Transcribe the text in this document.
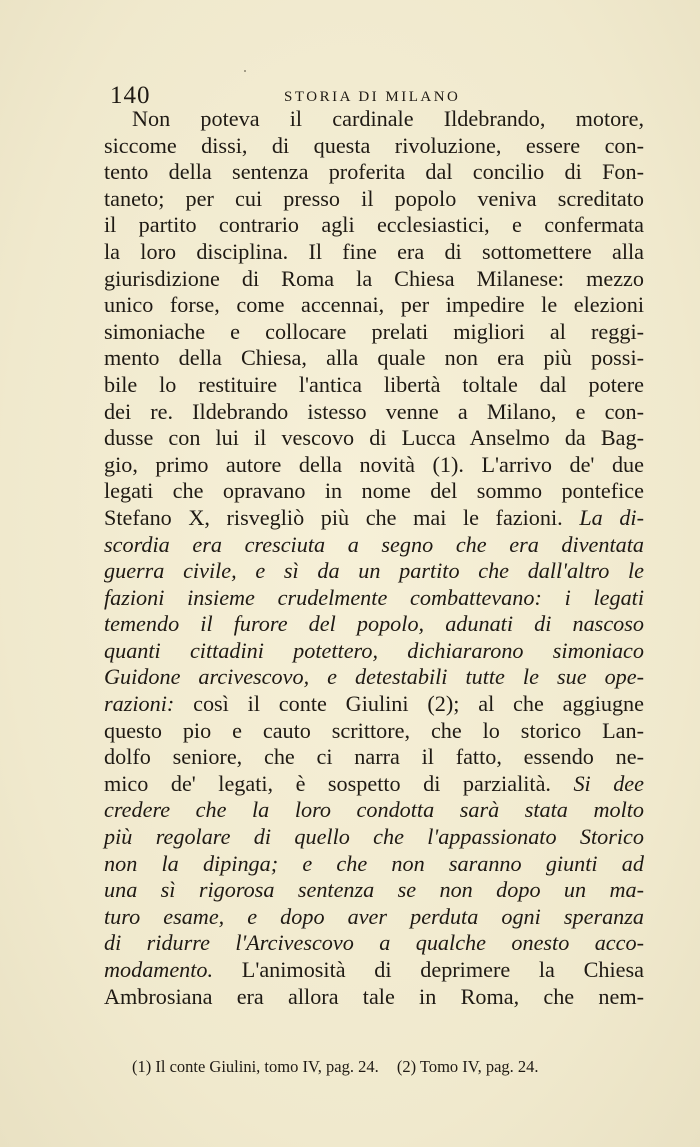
140	STORIA DI MILANO
Non poteva il cardinale Ildebrando, motore,
siccome dissi, di questa rivoluzione, essere con-
tento della sentenza proferita dal concilio di Fon-
taneto; per cui presso il popolo veniva screditato
il partito contrario agli ecclesiastici, e confermata
la loro disciplina. Il fine era di sottomettere alla
giurisdizione di Roma la Chiesa Milanese: mezzo
unico forse, come accennai, per impedire le elezioni
simoniache e collocare prelati migliori al reggi-
mento della Chiesa, alla quale non era più possi-
bile lo restituire l'antica libertà toltale dal potere
dei re. Ildebrando istesso venne a Milano, e con-
dusse con lui il vescovo di Lucca Anselmo da Bag-
gio, primo autore della novità (1). L'arrivo de' due
legati che opravano in nome del sommo pontefice
Stefano X, risvegliò più che mai le fazioni. La di-
scordia era cresciuta a segno che era diventata
guerra civile, e sì da un partito che dall'altro le
fazioni insieme crudelmente combattevano: i legati
temendo il furore del popolo, adunati di nascoso
quanti cittadini potettero, dichiararono simoniaco
Guidone arcivescovo, e detestabili tutte le sue ope-
razioni: così il conte Giulini (2); al che aggiugne
questo pio e cauto scrittore, che lo storico Lan-
dolfo seniore, che ci narra il fatto, essendo ne-
mico de' legati, è sospetto di parzialità. Si dee
credere che la loro condotta sarà stata molto
più regolare di quello che l'appassionato Storico
non la dipinga; e che non saranno giunti ad
una sì rigorosa sentenza se non dopo un ma-
turo esame, e dopo aver perduta ogni speranza
di ridurre l'Arcivescovo a qualche onesto acco-
modamento. L'animosità di deprimere la Chiesa
Ambrosiana era allora tale in Roma, che nem-
(1) Il conte Giulini, tomo IV, pag. 24. (2) Tomo IV, pag. 24.
